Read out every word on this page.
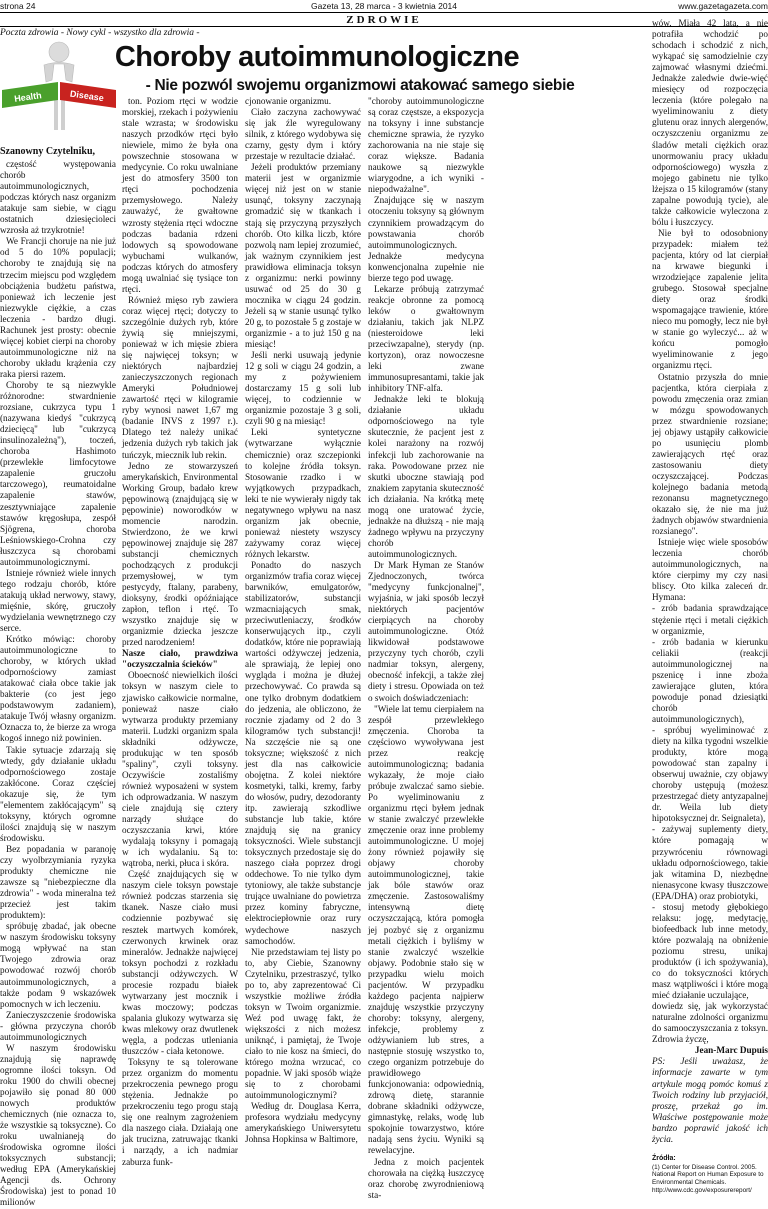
strona 24	Gazeta 13, 28 marca - 3 kwietnia 2014	www.gazetagazeta.com
ZDROWIE
Poczta zdrowia - Nowy cykl - wszystko dla zdrowia -
Health	Disease
Choroby autoimmunologiczne
- Nie pozwól swojemu organizmowi atakować samego siebie

Szanowny Czytelniku,

częstość występowania chorób autoimmunologicznych, podczas których nasz organizm atakuje sam siebie, w ciągu ostatnich dziesięcioleci wzrosła aż trzykrotnie!

We Francji choruje na nie już od 5 do 10% populacji; choroby te znajdują się na trzecim miejscu pod względem obciążenia budżetu państwa, ponieważ ich leczenie jest niezwykle ciężkie, a czas leczenia - bardzo długi. Rachunek jest prosty: obecnie więcej kobiet cierpi na choroby autoimmunologiczne niż na choroby układu krążenia czy raka piersi razem.

Choroby te są niezwykle różnorodne: stwardnienie rozsiane, cukrzyca typu 1 (nazywana kiedyś "cukrzycą dziecięcą" lub "cukrzycą insulinozależną"), toczeń, choroba Hashimoto (przewlekłe limfocytowe zapalenie gruczołu tarczowego), reumatoidalne zapalenie stawów, zesztywniające zapalenie stawów kręgosłupa, zespół Sjögrena, choroba Leśniowskiego-Crohna czy łuszczyca są chorobami autoimmunologicznymi.

Istnieje również wiele innych tego rodzaju chorób, które atakują układ nerwowy, stawy, mięśnie, skórę, gruczoły wydzielania wewnętrznego czy serce.

Krótko mówiąc: choroby autoimmunologiczne to choroby, w których układ odpornościowy zamiast atakować ciała obce takie jak bakterie (co jest jego podstawowym zadaniem), atakuje Twój własny organizm. Oznacza to, że bierze za wroga kogoś innego niż powinien.

Takie sytuacje zdarzają się wtedy, gdy działanie układu odpornościowego zostaje zakłócone. Coraz częściej okazuje się, że tym "elementem zakłócającym" są toksyny, których ogromne ilości znajdują się w naszym środowisku.

Bez popadania w paranoję czy wyolbrzymiania ryzyka produkty chemiczne nie zawsze są "niebezpieczne dla zdrowia" - woda mineralna też przecież jest takim produktem):

spróbuję zbadać, jak obecne w naszym środowisku toksyny mogą wpływać na stan Twojego zdrowia oraz powodować rozwój chorób autoimmunologicznych, a także podam 9 wskazówek pomocnych w ich leczeniu.

Zanieczyszczenie środowiska - główna przyczyna chorób autoimmunologicznych

W naszym środowisku znajdują się naprawdę ogromne ilości toksyn. Od roku 1900 do chwili obecnej pojawiło się ponad 80 000 nowych produktów chemicznych (nie oznacza to, że wszystkie są toksyczne). Co roku uwalnianeją do środowiska ogromne ilości toksycznych substancji; według EPA (Amerykańskiej Agencji ds. Ochrony Środowiska) jest to ponad 10 milionów

ton. Poziom rtęci w wodzie morskiej, rzekach i pożywieniu stale wzrasta; w środowisku naszych przodków rtęci było niewiele, mimo że była ona powszechnie stosowana w medycynie. Co roku uwalniane jest do atmosfery 3500 ton rtęci pochodzenia przemysłowego. Należy zauważyć, że gwałtowne wzrosty stężenia rtęci wdoczne podczas badania rdzeni lodowych są spowodowane wybuchami wulkanów, podczas których do atmosfery mogą uwalniać się tysiące ton rtęci.

Również mięso ryb zawiera coraz więcej rtęci; dotyczy to szczególnie dużych ryb, które żywią się mniejszymi, ponieważ w ich mięsie zbiera się najwięcej toksyn; w niektórych najbardziej zanieczyszczonych regionach Ameryki Południowej zawartość rtęci w kilogramie ryby wynosi nawet 1,67 mg (badanie INVS z 1997 r.). Dlatego też należy unikać jedzenia dużych ryb takich jak tuńczyk, miecznik lub rekin.

Jedno ze stowarzyszeń amerykańskich, Environmental Working Group, badało krew pępowinową (znajdującą się w pępowinie) noworodków w momencie narodzin. Stwierdzono, że we krwi pępowinowej znajduje się 287 substancji chemicznych pochodzących z produkcji przemysłowej, w tym pestycydy, ftalany, parabeny, dioksyny, środki opóźniające zapłon, teflon i rtęć. To wszystko znajduje się w organizmie dziecka jeszcze przed narodzeniem!

Nasze ciało, prawdziwa "oczyszczalnia ścieków"

Oboecność niewielkich ilości toksyn w naszym ciele to zjawisko całkowicie normalne, ponieważ nasze ciało wytwarza produkty przemiany materii. Ludzki organizm spala składniki odżywcze, produkując w ten sposób "spaliny", czyli toksyny. Oczywiście zostaliśmy również wyposażeni w system ich odprowadzania. W naszym ciele znajdują się cztery narządy służące do oczyszczania krwi, które wydalają toksyny i pomagają w ich wydalaniu. Są to: wątroba, nerki, płuca i skóra.

Część znajdujących się w naszym ciele toksyn powstaje również podczas starzenia się tkanek. Nasze ciało musi codziennie pozbywać się resztek martwych komórek, czerwonych krwinek oraz mineralów. Jednakże najwięcej toksyn pochodzi z rozkładu substancji odżywczych. W procesie rozpadu białek wytwarzany jest mocznik i kwas moczowy; podczas spalania glukozy wytwarza się kwas mlekowy oraz dwutlenek węgla, a podczas utleniania tłuszczów - ciała ketonowe.

Toksyny te są tolerowane przez organizm do momentu przekroczenia pewnego progu stężenia. Jednakże po przekroczeniu tego progu stają się one realnym zagrożeniem dla naszego ciała. Działają one jak trucizna, zatruwając tkanki i narządy, a ich nadmiar zaburza funk-

cjonowanie organizmu.

Ciało zaczyna zachowywać się jak źle wyregulowany silnik, z którego wydobywa się czarny, gęsty dym i który przestaje w rezultacie działać.

Jeżeli produktów przemiany materii jest w organizmie więcej niż jest on w stanie usunąć, toksyny zaczynają gromadzić się w tkankach i stają się przyczyną przyszłych chorób. Oto kilka liczb, które pozwolą nam lepiej zrozumieć, jak ważnym czynnikiem jest prawidłowa eliminacja toksyn z organizmu: nerki powinny usuwać od 25 do 30 g mocznika w ciągu 24 godzin. Jeżeli są w stanie usunąć tylko 20 g, to pozostałe 5 g zostaje w organizmie - a to już 150 g na miesiąc!

Jeśli nerki usuwają jedynie 12 g soli w ciągu 24 godzin, a my z pożywieniem dostarczamy 15 g soli lub więcej, to codziennie w organizmie pozostaje 3 g soli, czyli 90 g na miesiąc!

Leki syntetyczne (wytwarzane wyłącznie chemicznie) oraz szczepionki to kolejne źródła toksyn. Stosowanie rzadko i w wyjątkowych przypadkach, leki te nie wywierały nigdy tak negatywnego wpływu na nasz organizm jak obecnie, ponieważ niestety wszyscy zażywamy coraz więcej różnych lekarstw.

Ponadto do naszych organizmów trafia coraz więcej barwników, emulgatorów, stabilizatorów, substancji wzmacniających smak, przeciwutleniaczy, środków konserwujących itp., czyli dodatków, które nie poprawiają wartości odżywczej jedzenia, ale sprawiają, że lepiej ono wygląda i można je dłużej przechowywać. Co prawda są one tylko drobnym dodatkiem do jedzenia, ale obliczono, że rocznie zjadamy od 2 do 3 kilogramów tych substancji! Na szczęście nie są one toksyczne; większość z nich jest dla nas całkowicie obojętna. Z kolei niektóre kosmetyki, talki, kremy, farby do włosów, pudry, dezodoranty itp. zawierają szkodliwe substancje lub takie, które znajdują się na granicy toksyczności. Wiele substancji toksycznych przedostaje się do naszego ciała poprzez drogi oddechowe. To nie tylko dym tytoniowy, ale także substancje trujące uwalniane do powietrza przez kominy fabryczne, elektrociepłownie oraz rury wydechowe naszych samochodów.

Nie przedstawiam tej listy po to, aby Ciebie, Szanowny Czytelniku, przestraszyć, tylko po to, aby zaprezentować Ci wszystkie możliwe źródła toksyn w Twoim organizmie. Weź pod uwagę fakt, że większości z nich możesz uniknąć, i pamiętaj, że Twoje ciało to nie kosz na śmieci, do którego można wrzucać, co popadnie. W jaki sposób wiąże się to z chorobami autoimmunologicznymi?

Według dr. Douglasa Kerra, profesora wydziału medycyny amerykańskiego Uniwersytetu Johnsa Hopkinsa w Baltimore,

"choroby autoimmunologiczne są coraz częstsze, a ekspozycja na toksyny i inne substancje chemiczne sprawia, że ryzyko zachorowania na nie staje się coraz większe. Badania naukowe są niezwykle wiarygodne, a ich wyniki - niepodważalne".

Znajdujące się w naszym otoczeniu toksyny są głównym czynnikiem prowadzącym do powstawania chorób autoimmunologicznych. Jednakże medycyna konwencjonalna zupełnie nie bierze tego pod uwagę.

Lekarze próbują zatrzymać reakcje obronne za pomocą leków o gwałtownym działaniu, takich jak NLPZ (niesteroidowe leki przeciwzapalne), sterydy (np. kortyzon), oraz nowoczesne leki zwane immunosupresantami, takie jak inhibitory TNF-alfa.

Jednakże leki te blokują działanie układu odpornościowego na tyle skutecznie, że pacjent jest z kolei narażony na rozwój infekcji lub zachorowanie na raka. Powodowane przez nie skutki uboczne stawiają pod znakiem zapytania skuteczność ich działania. Na krótką metę mogą one uratować życie, jednakże na dłuższą - nie mają żadnego wpływu na przyczyny chorób autoimmunologicznych.

Dr Mark Hyman ze Stanów Zjednoczonych, twórca "medycyny funkcjonalnej", wyjaśnia, w jaki sposób leczył niektórych pacjentów cierpiących na choroby autoimmunologiczne. Otóż likwidował podstawowe przyczyny tych chorób, czyli nadmiar toksyn, alergeny, obecność infekcji, a także złej diety i stresu. Opowiada on też o swoich doświadczeniach:

"Wiele lat temu cierpiałem na zespół przewlekłego zmęczenia. Choroba ta częściowo wywoływana jest przez reakcję autoimmunologiczną; badania wykazały, że moje ciało próbuje zwalczać samo siebie. Po wyeliminowaniu z organizmu rtęci byłem jednak w stanie zwalczyć przewlekłe zmęczenie oraz inne problemy autoimmunologiczne. U mojej żony również pojawiły się objawy choroby autoimmunologicznej, takie jak bóle stawów oraz zmęczenie. Zastosowaliśmy intensywną dietę oczyszczającą, która pomogła jej pozbyć się z organizmu metali ciężkich i byliśmy w stanie zwalczyć wszelkie objawy. Podobnie stało się w przypadku wielu moich pacjentów. W przypadku każdego pacjenta najpierw znajduję wszystkie przyczyny choroby: toksyny, alergeny, infekcje, problemy z odżywianiem lub stres, a następnie stosuję wszystko to, czego organizm potrzebuje do prawidłowego funkcjonowania: odpowiednią, zdrową dietę, starannie dobrane składniki odżywcze, gimnastykę, relaks, wodę lub spokojnie towarzystwo, które nadają sens życiu. Wyniki są rewelacyjne.

Jedna z moich pacjentek chorowała na ciężką łuszczycę oraz chorobę zwyrodnieniową sta-

wów. Miała 42 lata, a nie potrafiła wchodzić po schodach i schodzić z nich, wykąpać się samodzielnie czy zajmować własnymi dziećmi. Jednakże zaledwie dwie-więć miesięcy od rozpoczęcia leczenia (które polegało na wyeliminowaniu z diety glutenu oraz innych alergenów, oczyszczeniu organizmu ze śladów metali ciężkich oraz unormowaniu pracy układu odpornościowego) wyszła z mojego gabinetu nie tylko lżejsza o 15 kilogramów (stany zapalne powodują tycie), ale także całkowicie wyleczona z bólu i łuszczycy.

Nie był to odosobniony przypadek: miałem też pacjenta, który od lat cierpiał na krwawe biegunki i wrzodziejące zapalenie jelita grubego. Stosował specjalne diety oraz środki wspomagające trawienie, które nieco mu pomogły, lecz nie był w stanie go wyleczyć... aż w końcu pomogło wyeliminowanie z jego organizmu rtęci.

Ostatnio przyszła do mnie pacjentka, która cierpiała z powodu zmęczenia oraz zmian w mózgu spowodowanych przez stwardnienie rozsiane; jej objawy ustąpiły całkowicie po usunięciu plomb zawierających rtęć oraz zastosowaniu diety oczyszczającej. Podczas kolejnego badania metodą rezonansu magnetycznego okazało się, że nie ma już żadnych objawów stwardnienia rozsianego".

Istnieje więc wiele sposobów leczenia chorób autoimmunologicznych, na które cierpimy my czy nasi bliscy. Oto kilka zaleceń dr. Hymana:

- zrób badania sprawdzające stężenie rtęci i metali ciężkich w organizmie,

- zrób badania w kierunku celiakii (reakcji autoimmunologicznej na pszenicę i inne zboża zawierające gluten, która powoduje ponad dziesiątki chorób autoimmunologicznych),

- spróbuj wyeliminować z diety na kilka tygodni wszelkie produkty, które mogą powodować stan zapalny i obserwuj uważnie, czy objawy choroby ustępują (możesz przestrzegać diety antyzapalnej dr. Weila lub diety hipotoksycznej dr. Seignaleta),

- zażywaj suplementy diety, które pomagają w przywróceniu równowagi układu odpornościowego, takie jak witamina D, niezbędne nienasycone kwasy tłuszczowe (EPA/DHA) oraz probiotyki,

- stosuj metody głębokiego relaksu: jogę, medytację, biofeedback lub inne metody, które pozwalają na obniżenie poziomu stresu, unikaj produktów (i ich spożywania), co do toksyczności których masz wątpliwości i które mogą mieć działanie uczulające,

dowiedz się, jak wykorzystać naturalne zdolności organizmu do samooczyszczania z toksyn. Zdrowia życzę,

Jean-Marc Dupuis

PS: Jeśli uważasz, że informacje zawarte w tym artykule mogą pomóc komuś z Twoich rodziny lub przyjaciół, proszę, przekaż go im. Właściwe postępowanie może bardzo poprawić jakość ich życia.

Źródła:

(1) Center for Disease Control. 2005. National Report on Human Exposure to Environmental Chemicals. http://www.cdc.gov/exposurereport/
